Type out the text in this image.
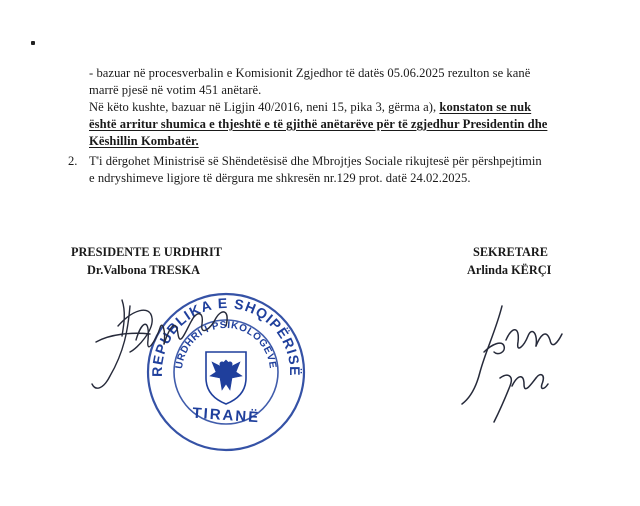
- bazuar në procesverbalin e Komisionit Zgjedhor të datës 05.06.2025 rezulton se kanë
marrë pjesë në votim 451 anëtarë.
Në këto kushte, bazuar në Ligjin 40/2016, neni 15, pika 3, gërma a), konstaton se nuk
është arritur shumica e thjeshtë e të gjithë anëtarëve për të zgjedhur Presidentin dhe
Këshillin Kombatër.
2. T'i dërgohet Ministrisë së Shëndetësisë dhe Mbrojtjes Sociale rikujtesë për përshpejtimin
e ndryshimeve ligjore të dërgura me shkresën nr.129 prot. datë 24.02.2025.
PRESIDENTE E URDHRIT
Dr.Valbona TRESKA
SEKRETARE
Arlinda KËRÇI
REPUBLIKA E SHQIPËRISË
URDHRI I PSIKOLOGËVE
TIRANË
